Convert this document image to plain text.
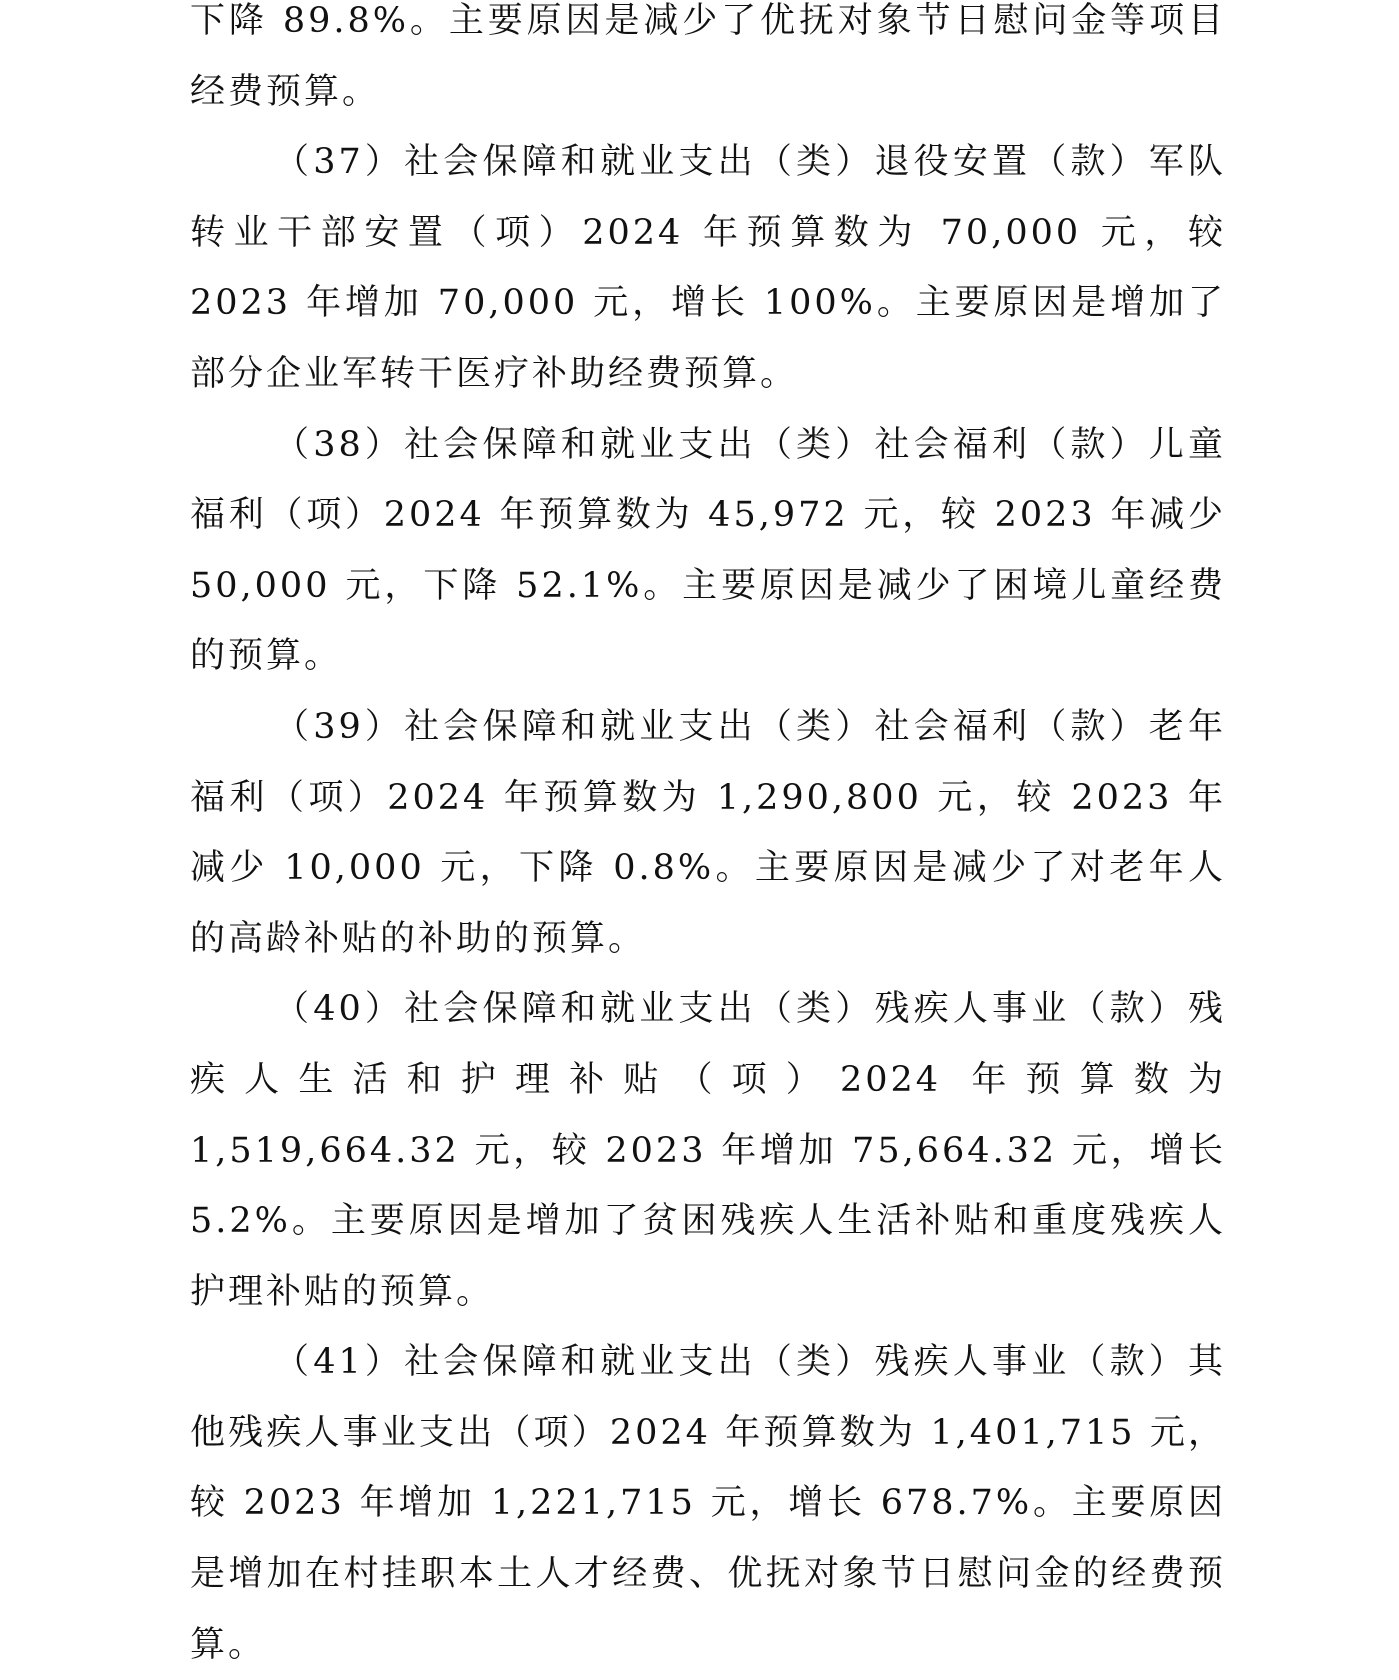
下降 89.8%。主要原因是减少了优抚对象节日慰问金等项目经费预算。

（37）社会保障和就业支出（类）退役安置（款）军队转业干部安置（项）2024 年预算数为 70,000 元，较 2023 年增加 70,000 元，增长 100%。主要原因是增加了部分企业军转干医疗补助经费预算。

（38）社会保障和就业支出（类）社会福利（款）儿童福利（项）2024 年预算数为 45,972 元，较 2023 年减少 50,000 元，下降 52.1%。主要原因是减少了困境儿童经费的预算。

（39）社会保障和就业支出（类）社会福利（款）老年福利（项）2024 年预算数为 1,290,800 元，较 2023 年减少 10,000 元，下降 0.8%。主要原因是减少了对老年人的高龄补贴的补助的预算。

（40）社会保障和就业支出（类）残疾人事业（款）残疾人生活和护理补贴（项）2024 年预算数为 1,519,664.32 元，较 2023 年增加 75,664.32 元，增长 5.2%。主要原因是增加了贫困残疾人生活补贴和重度残疾人护理补贴的预算。

（41）社会保障和就业支出（类）残疾人事业（款）其他残疾人事业支出（项）2024 年预算数为 1,401,715 元，较 2023 年增加 1,221,715 元，增长 678.7%。主要原因是增加在村挂职本土人才经费、优抚对象节日慰问金的经费预算。
